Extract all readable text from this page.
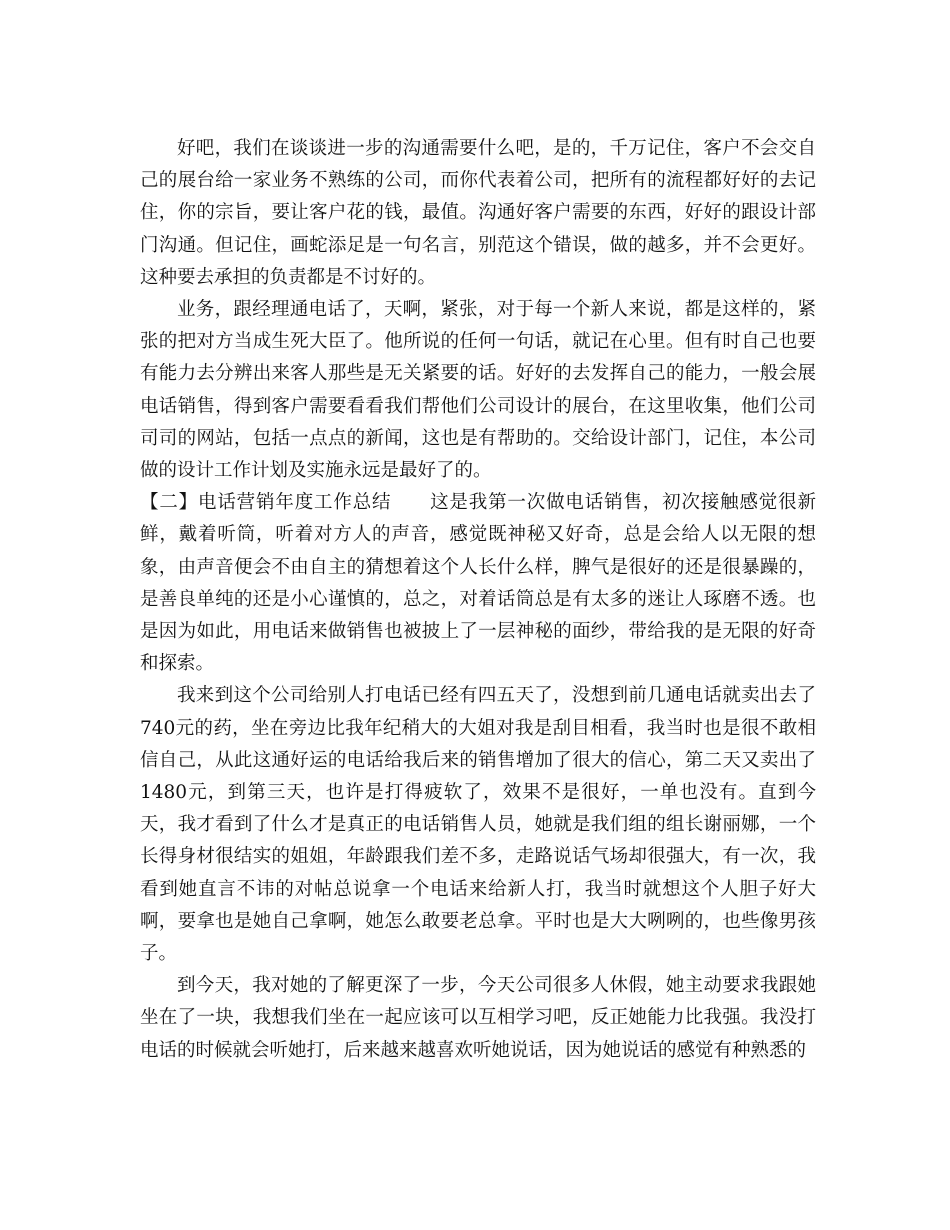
好吧，我们在谈谈进一步的沟通需要什么吧，是的，千万记住，客户不会交自己的展台给一家业务不熟练的公司，而你代表着公司，把所有的流程都好好的去记住，你的宗旨，要让客户花的钱，最值。沟通好客户需要的东西，好好的跟设计部门沟通。但记住，画蛇添足是一句名言，别范这个错误，做的越多，并不会更好。这种要去承担的负责都是不讨好的。

业务，跟经理通电话了，天啊，紧张，对于每一个新人来说，都是这样的，紧张的把对方当成生死大臣了。他所说的任何一句话，就记在心里。但有时自己也要有能力去分辨出来客人那些是无关紧要的话。好好的去发挥自己的能力，一般会展电话销售，得到客户需要看看我们帮他们公司设计的展台，在这里收集，他们公司司司的网站，包括一点点的新闻，这也是有帮助的。交给设计部门，记住，本公司做的设计工作计划及实施永远是最好了的。

【二】电话营销年度工作总结　　 这是我第一次做电话销售，初次接触感觉很新鲜，戴着听筒，听着对方人的声音，感觉既神秘又好奇，总是会给人以无限的想象，由声音便会不由自主的猜想着这个人长什么样，脾气是很好的还是很暴躁的，是善良单纯的还是小心谨慎的，总之，对着话筒总是有太多的迷让人琢磨不透。也是因为如此，用电话来做销售也被披上了一层神秘的面纱，带给我的是无限的好奇和探索。

我来到这个公司给别人打电话已经有四五天了，没想到前几通电话就卖出去了740元的药，坐在旁边比我年纪稍大的大姐对我是刮目相看，我当时也是很不敢相信自己，从此这通好运的电话给我后来的销售增加了很大的信心，第二天又卖出了1480元，到第三天，也许是打得疲软了，效果不是很好，一单也没有。直到今天，我才看到了什么才是真正的电话销售人员，她就是我们组的组长谢丽娜，一个长得身材很结实的姐姐，年龄跟我们差不多，走路说话气场却很强大，有一次，我看到她直言不讳的对帖总说拿一个电话来给新人打，我当时就想这个人胆子好大啊，要拿也是她自己拿啊，她怎么敢要老总拿。平时也是大大咧咧的，也些像男孩子。

到今天，我对她的了解更深了一步，今天公司很多人休假，她主动要求我跟她坐在了一块，我想我们坐在一起应该可以互相学习吧，反正她能力比我强。我没打电话的时候就会听她打，后来越来越喜欢听她说话，因为她说话的感觉有种熟悉的
